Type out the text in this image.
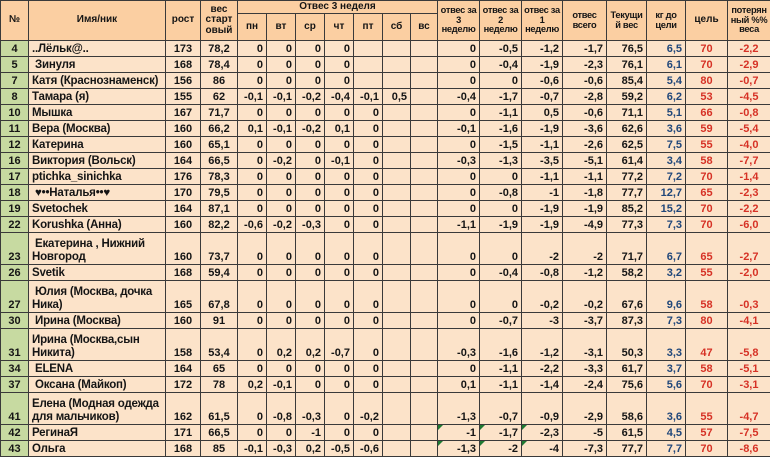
№	Имя/ник	рост	вес стартовый	Отвес 3 неделя							отвес за 3 неделю	отвес за 2 неделю	отвес за 1 неделю	отвес всего	Текущий вес	кг до цели	цель	потерянный %% веса
				пн	вт	ср	чт	пт	сб	вс								
4	..Лёльк@..	173	78,2	0	0	0	0				0	-0,5	-1,2	-1,7	76,5	6,5	70	-2,2
5	Зинуля	168	78,4	0	0	0	0				0	-0,4	-1,9	-2,3	76,1	6,1	70	-2,9
7	Катя (Краснознаменск)	156	86	0	0	0	0				0	0	-0,6	-0,6	85,4	5,4	80	-0,7
8	Тамара (я)	155	62	-0,1	-0,1	-0,2	-0,4	-0,1	0,5		-0,4	-1,7	-0,7	-2,8	59,2	6,2	53	-4,5
10	Мышка	167	71,7	0	0	0	0	0			0	-1,1	0,5	-0,6	71,1	5,1	66	-0,8
11	Вера (Москва)	160	66,2	0,1	-0,1	-0,2	0,1	0			-0,1	-1,6	-1,9	-3,6	62,6	3,6	59	-5,4
12	Катерина	160	65,1	0	0	0	0	0			0	-1,5	-1,1	-2,6	62,5	7,5	55	-4,0
16	Виктория (Вольск)	164	66,5	0	-0,2	0	-0,1	0			-0,3	-1,3	-3,5	-5,1	61,4	3,4	58	-7,7
17	ptichka_sinichka	176	78,3	0	0	0	0	0			0	0	-1,1	-1,1	77,2	7,2	70	-1,4
18	♥••Наталья••♥	170	79,5	0	0	0	0	0			0	-0,8	-1	-1,8	77,7	12,7	65	-2,3
19	Svetochek	164	87,1	0	0	0	0	0			0	0	-1,9	-1,9	85,2	15,2	70	-2,2
22	Korushka (Анна)	160	82,2	-0,6	-0,2	-0,3	0	0			-1,1	-1,9	-1,9	-4,9	77,3	7,3	70	-6,0
23	Екатерина , Нижний Новгород	160	73,7	0	0	0	0	0			0	0	-2	-2	71,7	6,7	65	-2,7
26	Svetik	168	59,4	0	0	0	0	0			0	-0,4	-0,8	-1,2	58,2	3,2	55	-2,0
27	Юлия (Москва, дочка Ника)	165	67,8	0	0	0	0	0			0	0	-0,2	-0,2	67,6	9,6	58	-0,3
30	Ирина (Москва)	160	91	0	0	0	0	0			0	-0,7	-3	-3,7	87,3	7,3	80	-4,1
31	Ирина (Москва,сын Никита)	158	53,4	0	0,2	0,2	-0,7	0			-0,3	-1,6	-1,2	-3,1	50,3	3,3	47	-5,8
34	ELENA	164	65	0	0	0	0	0			0	-1,1	-2,2	-3,3	61,7	3,7	58	-5,1
37	Оксана (Майкоп)	172	78	0,2	-0,1	0	0	0			0,1	-1,1	-1,4	-2,4	75,6	5,6	70	-3,1
41	Елена (Модная одежда для мальчиков)	162	61,5	0	-0,8	-0,3	0	-0,2			-1,3	-0,7	-0,9	-2,9	58,6	3,6	55	-4,7
42	РегинаЯ	171	66,5	0	0	-1	0	0			-1	-1,7	-2,3	-5	61,5	4,5	57	-7,5
43	Ольга	168	85	-0,1	-0,3	0,2	-0,5	-0,6			-1,3	-2	-4	-7,3	77,7	7,7	70	-8,6
